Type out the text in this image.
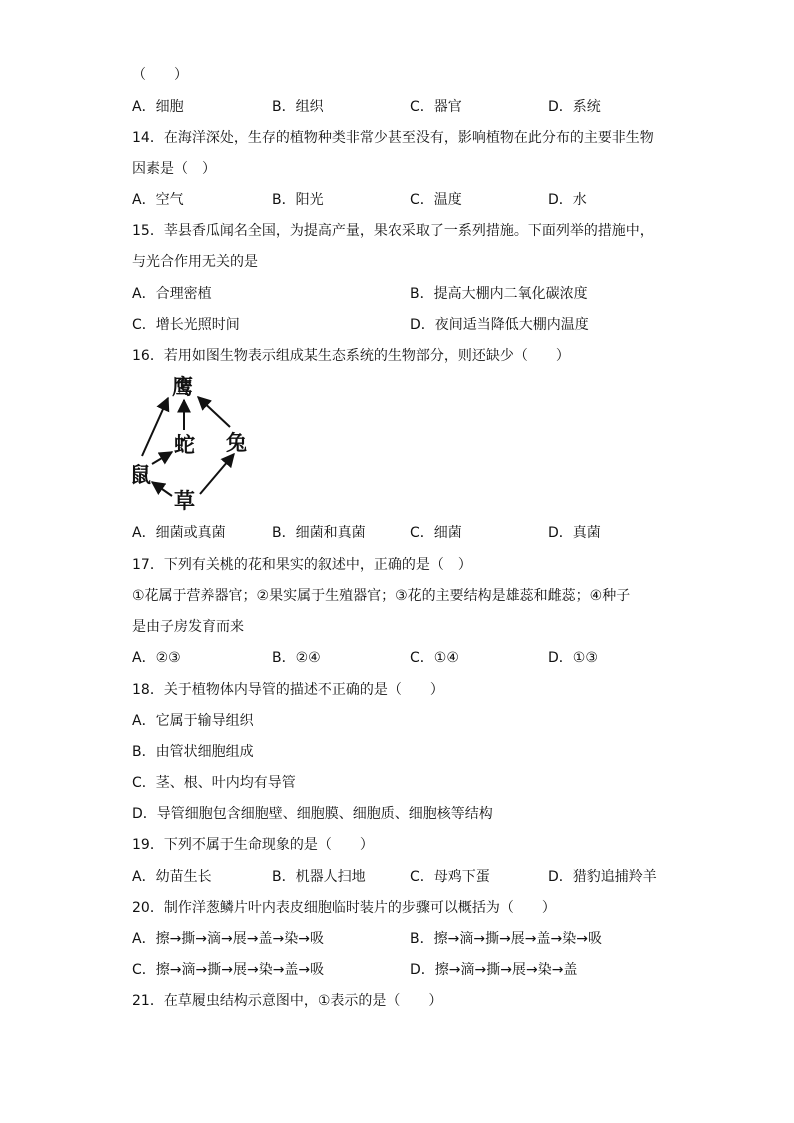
（　　）
A．细胞	B．组织	C．器官	D．系统
14．在海洋深处，生存的植物种类非常少甚至没有，影响植物在此分布的主要非生物
因素是（　）
A．空气	B．阳光	C．温度	D．水
15．莘县香瓜闻名全国，为提高产量，果农采取了一系列措施。下面列举的措施中，
与光合作用无关的是
A．合理密植	B．提高大棚内二氧化碳浓度
C．增长光照时间	D．夜间适当降低大棚内温度
16．若用如图生物表示组成某生态系统的生物部分，则还缺少（　　）
鹰
蛇 兔
鼠
草
A．细菌或真菌	B．细菌和真菌	C．细菌	D．真菌
17．下列有关桃的花和果实的叙述中，正确的是（　）
①花属于营养器官；②果实属于生殖器官；③花的主要结构是雄蕊和雌蕊；④种子
是由子房发育而来
A．②③	B．②④	C．①④	D．①③
18．关于植物体内导管的描述不正确的是（　　）
A．它属于输导组织
B．由管状细胞组成
C．茎、根、叶内均有导管
D．导管细胞包含细胞壁、细胞膜、细胞质、细胞核等结构
19．下列不属于生命现象的是（　　）
A．幼苗生长	B．机器人扫地	C．母鸡下蛋	D．猎豹追捕羚羊
20．制作洋葱鳞片叶内表皮细胞临时装片的步骤可以概括为（　　）
A．擦→撕→滴→展→盖→染→吸	B．擦→滴→撕→展→盖→染→吸
C．擦→滴→撕→展→染→盖→吸	D．擦→滴→撕→展→染→盖
21．在草履虫结构示意图中，①表示的是（　　）
